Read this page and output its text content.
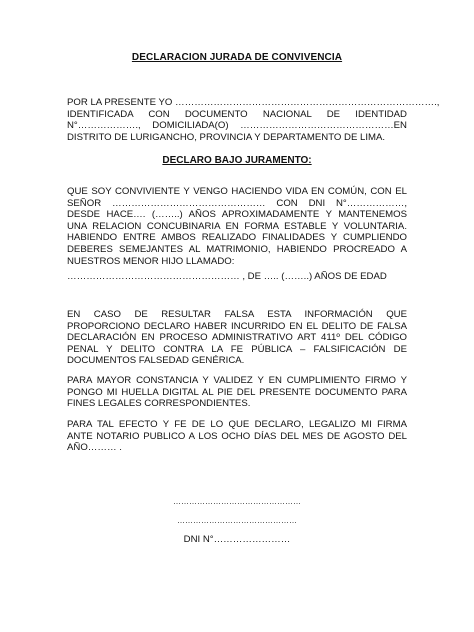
DECLARACION JURADA DE CONVIVENCIA

POR LA PRESENTE YO ……………………………………………………………………….,
IDENTIFICADA CON DOCUMENTO NACIONAL DE IDENTIDAD
N°………………., DOMICILIADA(O) …………………………………………EN
DISTRITO DE LURIGANCHO, PROVINCIA Y DEPARTAMENTO DE LIMA.

DECLARO BAJO JURAMENTO:

QUE SOY CONVIVIENTE Y VENGO HACIENDO VIDA EN COMÚN, CON EL
SEÑOR ………………………………………… CON DNI N°………………,
DESDE HACE…. (……..) AÑOS APROXIMADAMENTE Y MANTENEMOS
UNA RELACION CONCUBINARIA EN FORMA ESTABLE Y VOLUNTARIA.
HABIENDO ENTRE AMBOS REALIZADO FINALIDADES Y CUMPLIENDO
DEBERES SEMEJANTES AL MATRIMONIO, HABIENDO PROCREADO A
NUESTROS MENOR HIJO LLAMADO:

……………………………………………… , DE ….. (……..) AÑOS DE EDAD

EN CASO DE RESULTAR FALSA ESTA INFORMACIÓN QUE
PROPORCIONO DECLARO HABER INCURRIDO EN EL DELITO DE FALSA
DECLARACIÓN EN PROCESO ADMINISTRATIVO ART 411º DEL CÓDIGO
PENAL Y DELITO CONTRA LA FE PÚBLICA – FALSIFICACIÓN DE
DOCUMENTOS FALSEDAD GENÉRICA.

PARA MAYOR CONSTANCIA Y VALIDEZ Y EN CUMPLIMIENTO FIRMO Y
PONGO MI HUELLA DIGITAL AL PIE DEL PRESENTE DOCUMENTO PARA
FINES LEGALES CORRESPONDIENTES.

PARA TAL EFECTO Y FE DE LO QUE DECLARO, LEGALIZO MI FIRMA
ANTE NOTARIO PUBLICO A LOS OCHO DÍAS DEL MES DE AGOSTO DEL
AÑO……… .

…………………………………………
………………………………………
DNI N°……………………
